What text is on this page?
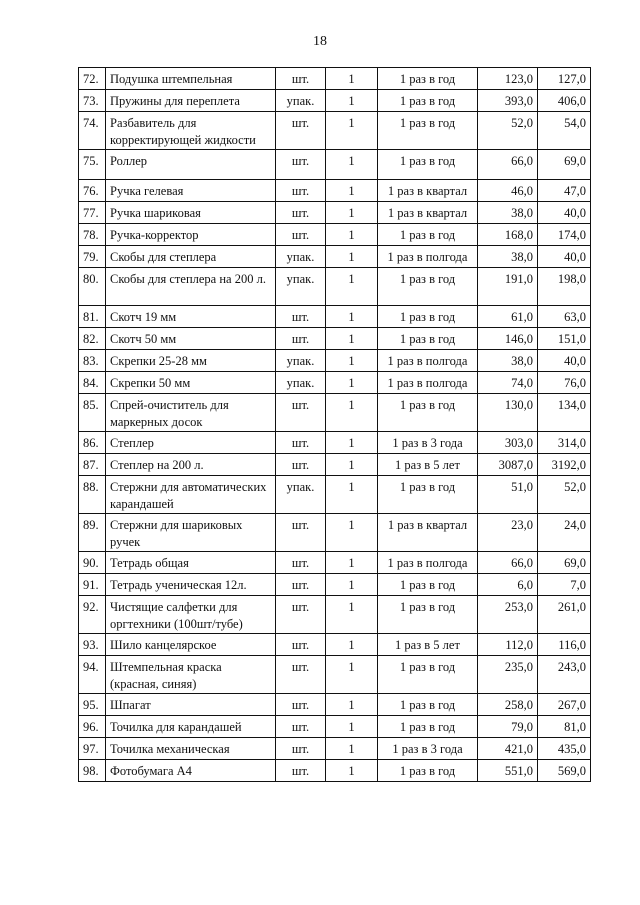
18
72.	Подушка штемпельная	шт.	1	1 раз в год	123,0	127,0
73.	Пружины для переплета	упак.	1	1 раз в год	393,0	406,0
74.	Разбавитель для корректирующей жидкости	шт.	1	1 раз в год	52,0	54,0
75.	Роллер	шт.	1	1 раз в год	66,0	69,0
76.	Ручка гелевая	шт.	1	1 раз в квартал	46,0	47,0
77.	Ручка шариковая	шт.	1	1 раз в квартал	38,0	40,0
78.	Ручка-корректор	шт.	1	1 раз в год	168,0	174,0
79.	Скобы для степлера	упак.	1	1 раз в полгода	38,0	40,0
80.	Скобы для степлера на 200 л.	упак.	1	1 раз в год	191,0	198,0
81.	Скотч 19 мм	шт.	1	1 раз в год	61,0	63,0
82.	Скотч 50 мм	шт.	1	1 раз в год	146,0	151,0
83.	Скрепки 25-28 мм	упак.	1	1 раз в полгода	38,0	40,0
84.	Скрепки 50 мм	упак.	1	1 раз в полгода	74,0	76,0
85.	Спрей-очиститель для маркерных досок	шт.	1	1 раз в год	130,0	134,0
86.	Степлер	шт.	1	1 раз в 3 года	303,0	314,0
87.	Степлер на 200 л.	шт.	1	1 раз в 5 лет	3087,0	3192,0
88.	Стержни для автоматических карандашей	упак.	1	1 раз в год	51,0	52,0
89.	Стержни для шариковых ручек	шт.	1	1 раз в квартал	23,0	24,0
90.	Тетрадь общая	шт.	1	1 раз в полгода	66,0	69,0
91.	Тетрадь ученическая 12л.	шт.	1	1 раз в год	6,0	7,0
92.	Чистящие салфетки для оргтехники (100шт/тубе)	шт.	1	1 раз в год	253,0	261,0
93.	Шило канцелярское	шт.	1	1 раз в 5 лет	112,0	116,0
94.	Штемпельная краска (красная, синяя)	шт.	1	1 раз в год	235,0	243,0
95.	Шпагат	шт.	1	1 раз в год	258,0	267,0
96.	Точилка для карандашей	шт.	1	1 раз в год	79,0	81,0
97.	Точилка механическая	шт.	1	1 раз в 3 года	421,0	435,0
98.	Фотобумага А4	шт.	1	1 раз в год	551,0	569,0
